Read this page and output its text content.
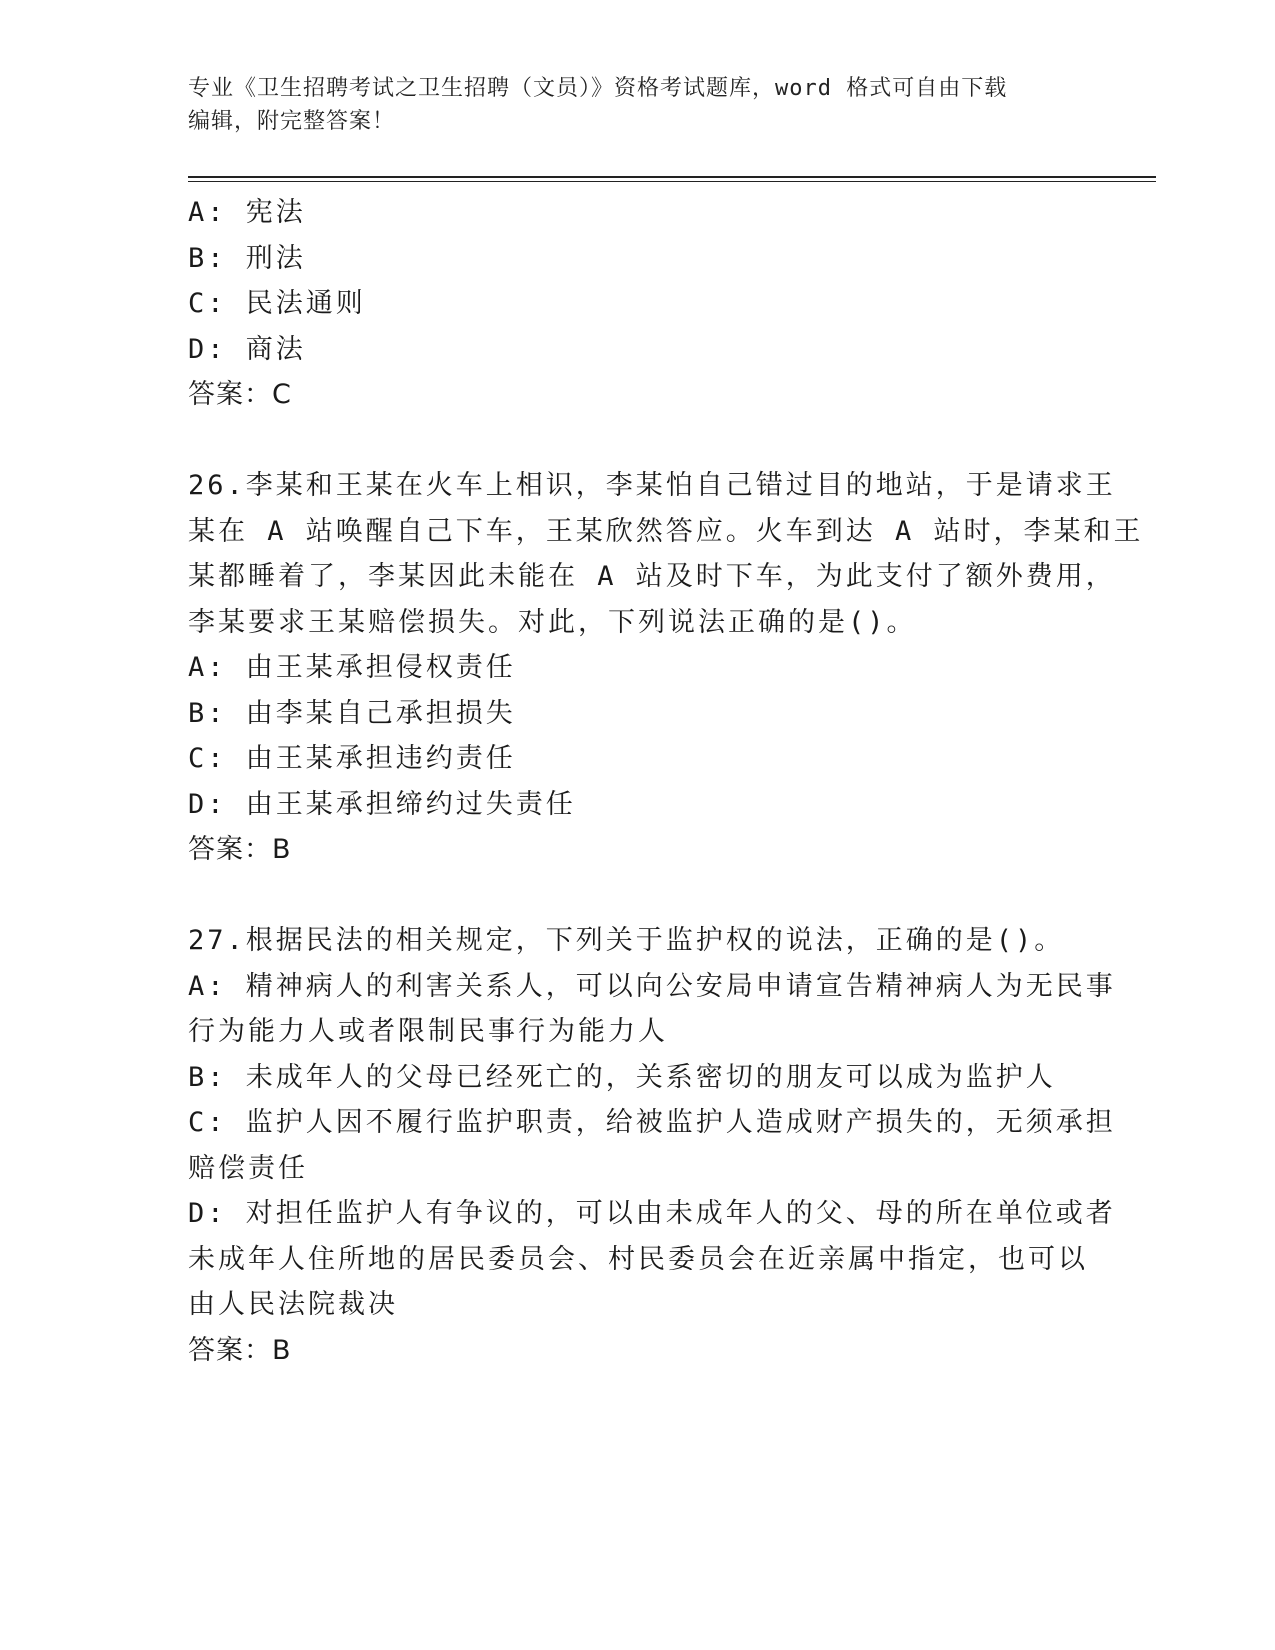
专业《卫生招聘考试之卫生招聘（文员）》资格考试题库，word 格式可自由下载
编辑，附完整答案！
A: 宪法
B: 刑法
C: 民法通则
D: 商法
答案：C
26.李某和王某在火车上相识，李某怕自己错过目的地站，于是请求王
某在 A 站唤醒自己下车，王某欣然答应。火车到达 A 站时，李某和王
某都睡着了，李某因此未能在 A 站及时下车，为此支付了额外费用，
李某要求王某赔偿损失。对此，下列说法正确的是()。
A: 由王某承担侵权责任
B: 由李某自己承担损失
C: 由王某承担违约责任
D: 由王某承担缔约过失责任
答案：B
27.根据民法的相关规定，下列关于监护权的说法，正确的是()。
A: 精神病人的利害关系人，可以向公安局申请宣告精神病人为无民事
行为能力人或者限制民事行为能力人
B: 未成年人的父母已经死亡的，关系密切的朋友可以成为监护人
C: 监护人因不履行监护职责，给被监护人造成财产损失的，无须承担
赔偿责任
D: 对担任监护人有争议的，可以由未成年人的父、母的所在单位或者
未成年人住所地的居民委员会、村民委员会在近亲属中指定，也可以
由人民法院裁决
答案：B
